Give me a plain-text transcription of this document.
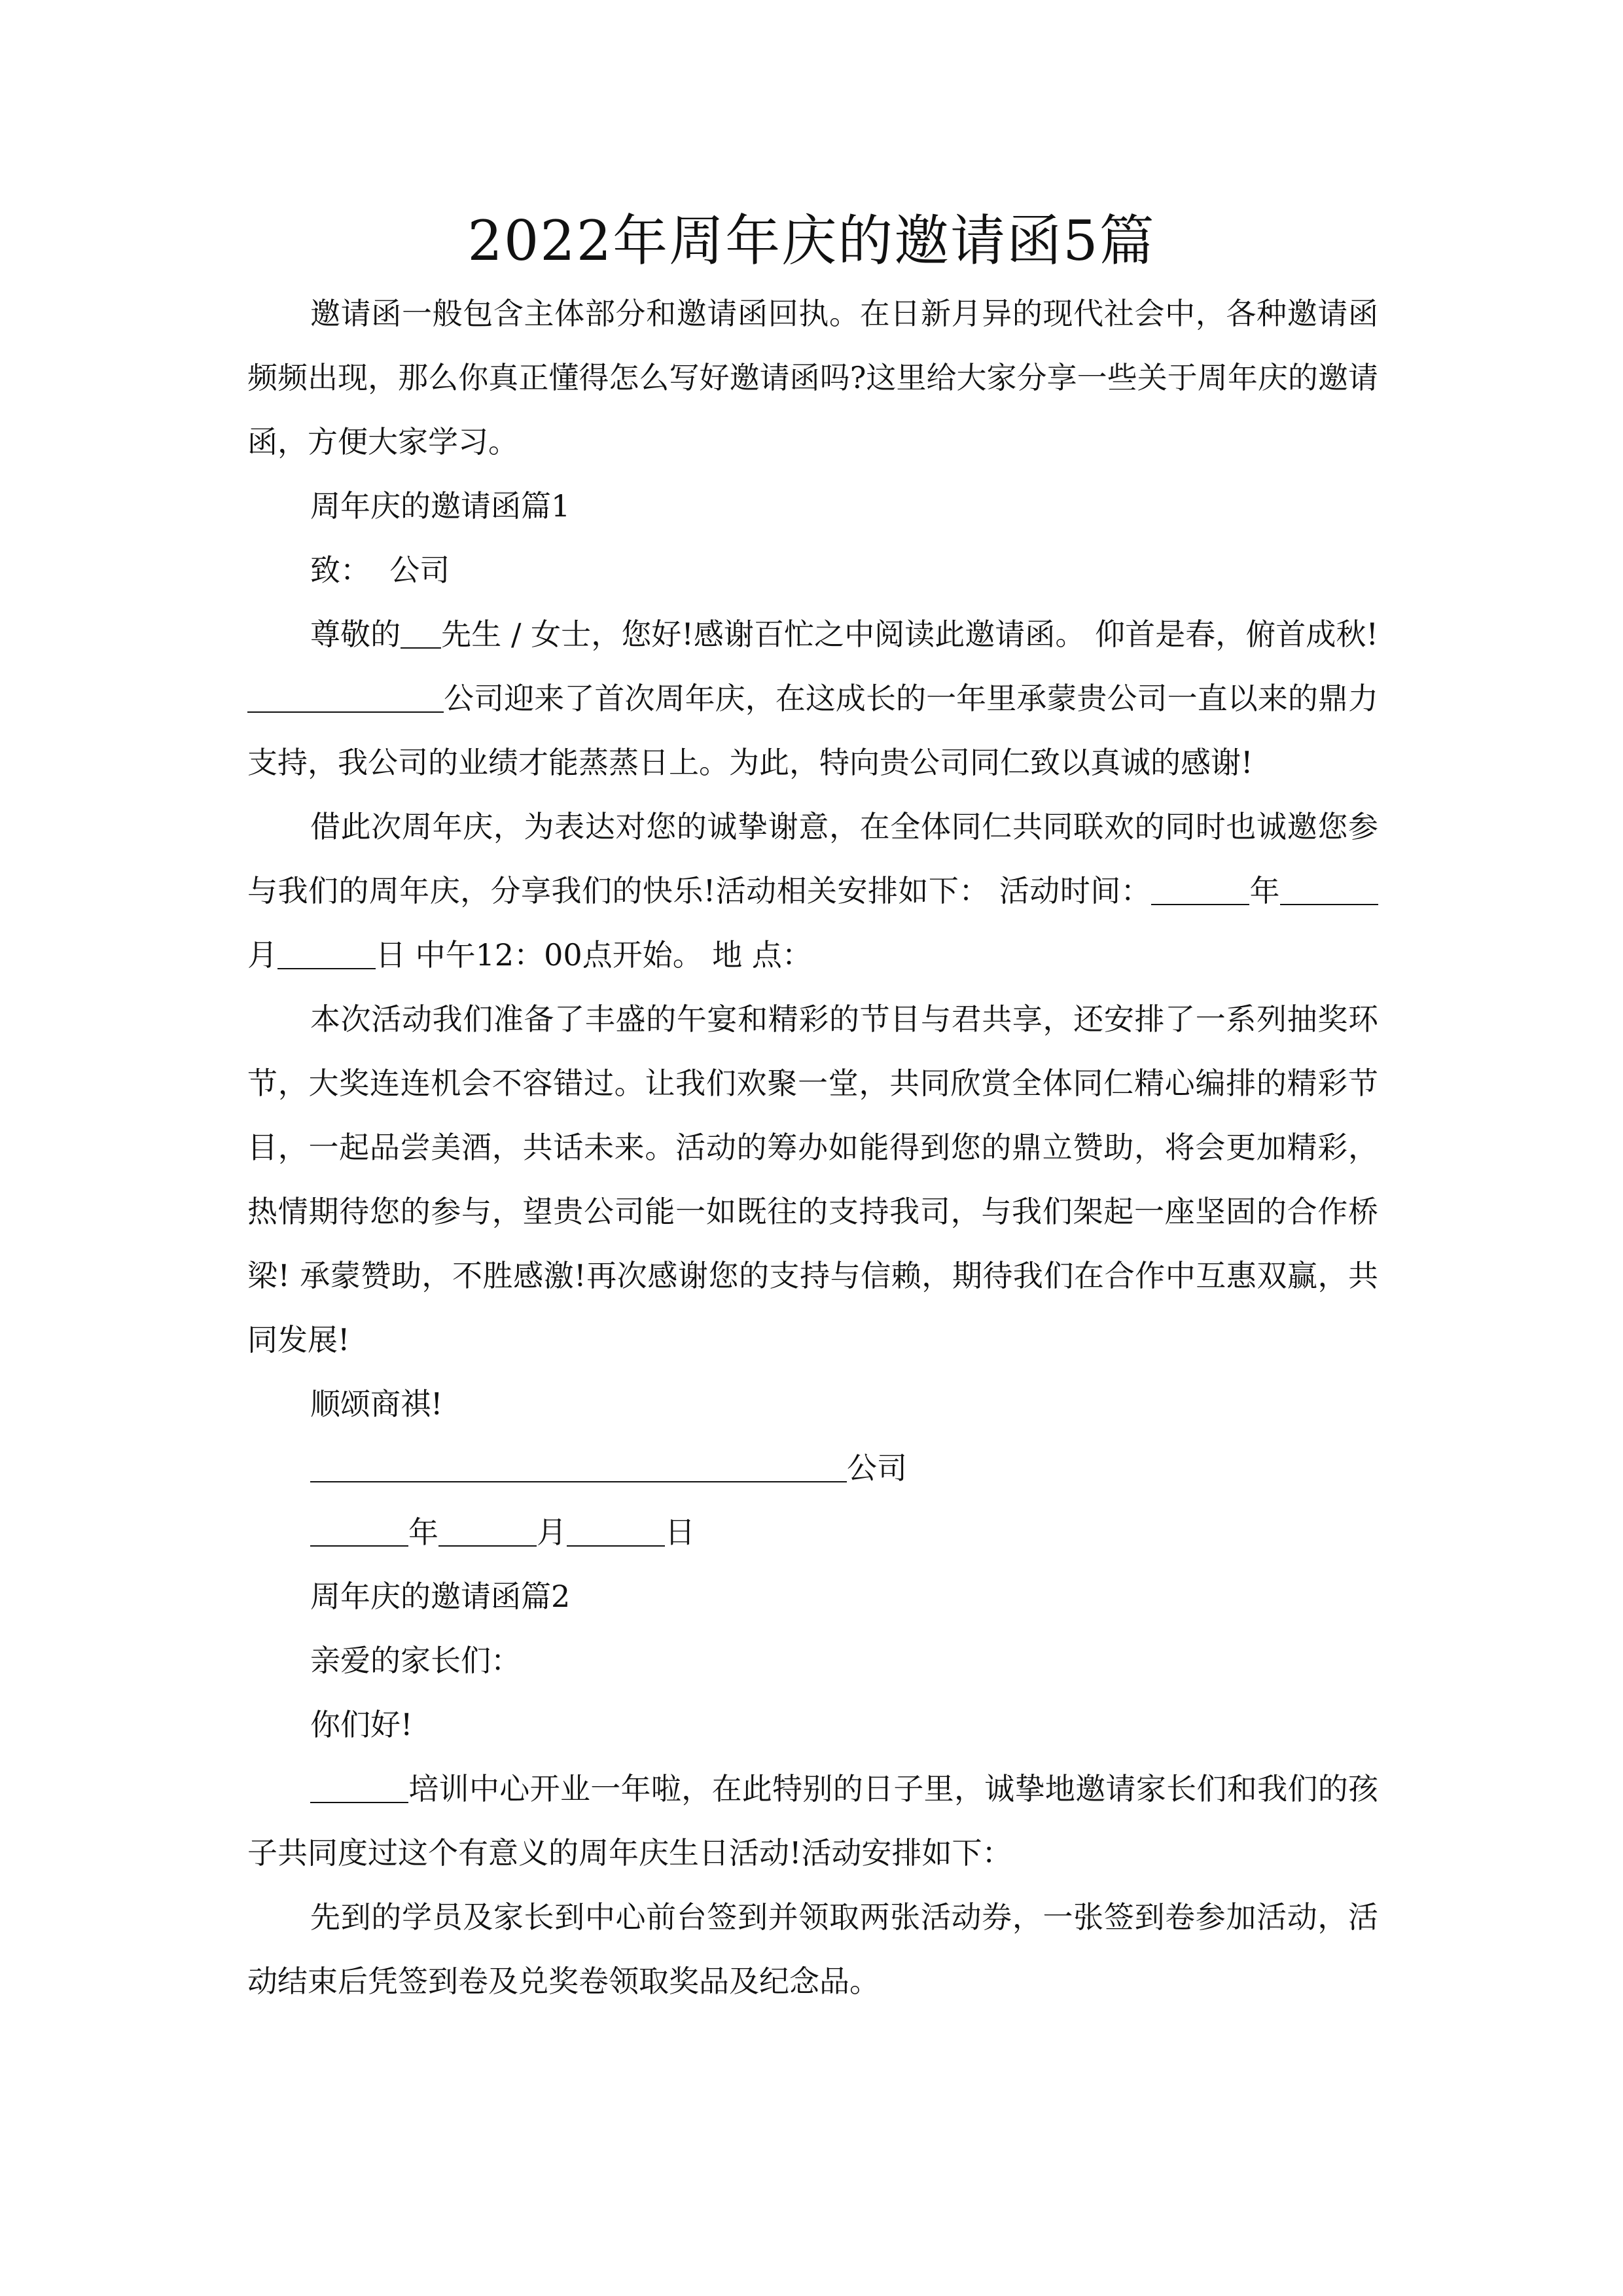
2022年周年庆的邀请函5篇

邀请函一般包含主体部分和邀请函回执。在日新月异的现代社会中，各种邀请函频频出现，那么你真正懂得怎么写好邀请函吗?这里给大家分享一些关于周年庆的邀请函，方便大家学习。

周年庆的邀请函篇1

致：  公司

尊敬的 先生 / 女士，您好!感谢百忙之中阅读此邀请函。 仰首是春，俯首成秋!公司迎来了首次周年庆，在这成长的一年里承蒙贵公司一直以来的鼎力支持，我公司的业绩才能蒸蒸日上。为此，特向贵公司同仁致以真诚的感谢!

借此次周年庆，为表达对您的诚挚谢意，在全体同仁共同联欢的同时也诚邀您参与我们的周年庆，分享我们的快乐!活动相关安排如下： 活动时间：	年月	日 中午12：00点开始。 地 点：

本次活动我们准备了丰盛的午宴和精彩的节目与君共享，还安排了一系列抽奖环节，大奖连连机会不容错过。让我们欢聚一堂，共同欣赏全体同仁精心编排的精彩节目，一起品尝美酒，共话未来。活动的筹办如能得到您的鼎立赞助，将会更加精彩，热情期待您的参与，望贵公司能一如既往的支持我司，与我们架起一座坚固的合作桥梁! 承蒙赞助，不胜感激!再次感谢您的支持与信赖，期待我们在合作中互惠双赢，共同发展!

顺颂商祺!

公司

年	月	日

周年庆的邀请函篇2

亲爱的家长们：

你们好!

培训中心开业一年啦，在此特别的日子里，诚挚地邀请家长们和我们的孩子共同度过这个有意义的周年庆生日活动!活动安排如下：

先到的学员及家长到中心前台签到并领取两张活动券，一张签到卷参加活动，活动结束后凭签到卷及兑奖卷领取奖品及纪念品。
